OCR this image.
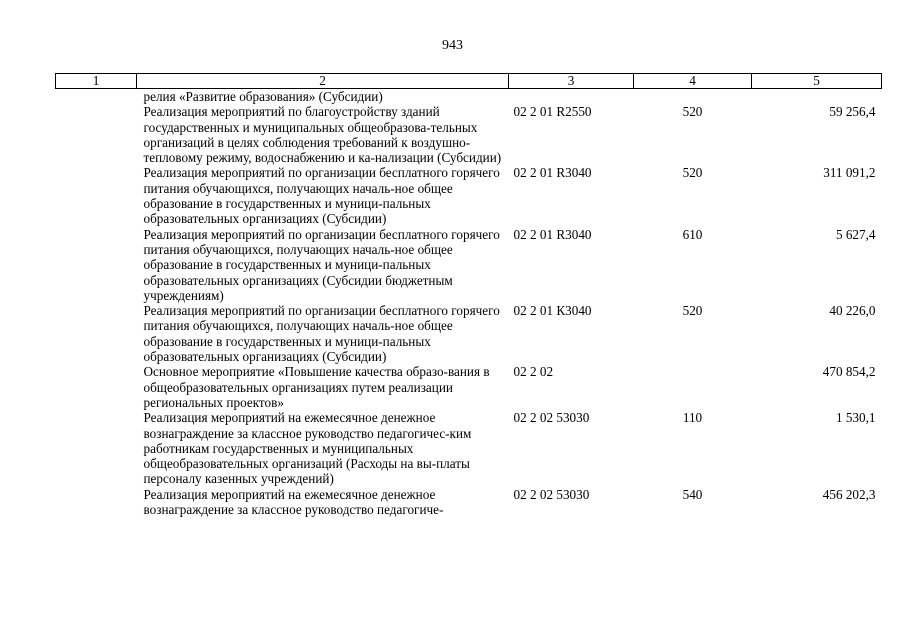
943
1	2	3	4	5
	релия «Развитие образования» (Субсидии)			
	Реализация мероприятий по благоустройству зданий государственных и муниципальных общеобразова-тельных организаций в целях соблюдения требований к воздушно-тепловому режиму, водоснабжению и ка-нализации (Субсидии)	02 2 01 R2550	520	59 256,4
	Реализация мероприятий по организации бесплатного горячего питания обучающихся, получающих началь-ное общее образование в государственных и муници-пальных образовательных организациях (Субсидии)	02 2 01 R3040	520	311 091,2
	Реализация мероприятий по организации бесплатного горячего питания обучающихся, получающих началь-ное общее образование в государственных и муници-пальных образовательных организациях (Субсидии бюджетным учреждениям)	02 2 01 R3040	610	5 627,4
	Реализация мероприятий по организации бесплатного горячего питания обучающихся, получающих началь-ное общее образование в государственных и муници-пальных образовательных организациях (Субсидии)	02 2 01 К3040	520	40 226,0
	Основное мероприятие «Повышение качества образо-вания в общеобразовательных организациях путем реализации региональных проектов»	02 2 02		470 854,2
	Реализация мероприятий на ежемесячное денежное вознаграждение за классное руководство педагогичес-ким работникам государственных и муниципальных общеобразовательных организаций (Расходы на вы-платы персоналу казенных учреждений)	02 2 02 53030	110	1 530,1
	Реализация мероприятий на ежемесячное денежное вознаграждение за классное руководство педагогиче-	02 2 02 53030	540	456 202,3
